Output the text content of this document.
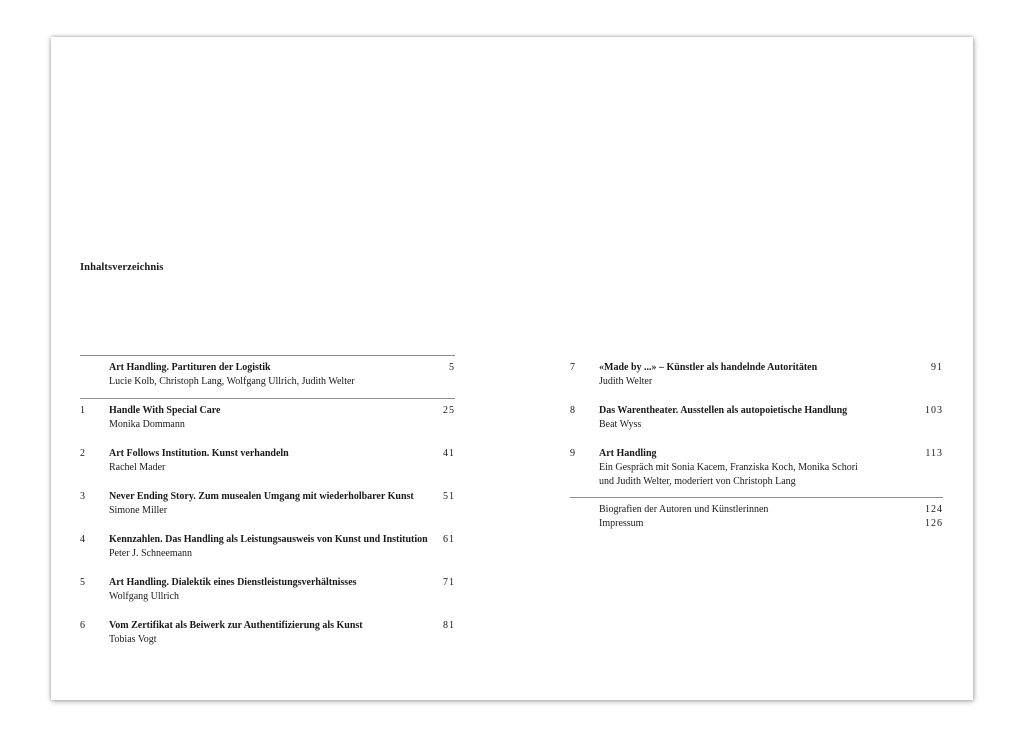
Inhaltsverzeichnis
Art Handling. Partituren der Logistik
Lucie Kolb, Christoph Lang, Wolfgang Ullrich, Judith Welter
5
1 Handle With Special Care
Monika Dommann
25
2 Art Follows Institution. Kunst verhandeln
Rachel Mader
41
3 Never Ending Story. Zum musealen Umgang mit wiederholbarer Kunst
Simone Miller
51
4 Kennzahlen. Das Handling als Leistungsausweis von Kunst und Institution
Peter J. Schneemann
61
5 Art Handling. Dialektik eines Dienstleistungsverhältnisses
Wolfgang Ullrich
71
6 Vom Zertifikat als Beiwerk zur Authentifizierung als Kunst
Tobias Vogt
81
7 «Made by ...» – Künstler als handelnde Autoritäten
Judith Welter
91
8 Das Warentheater. Ausstellen als autopoietische Handlung
Beat Wyss
103
9 Art Handling
Ein Gespräch mit Sonia Kacem, Franziska Koch, Monika Schori
und Judith Welter, moderiert von Christoph Lang
113
Biografien der Autoren und Künstlerinnen	124
Impressum	126
